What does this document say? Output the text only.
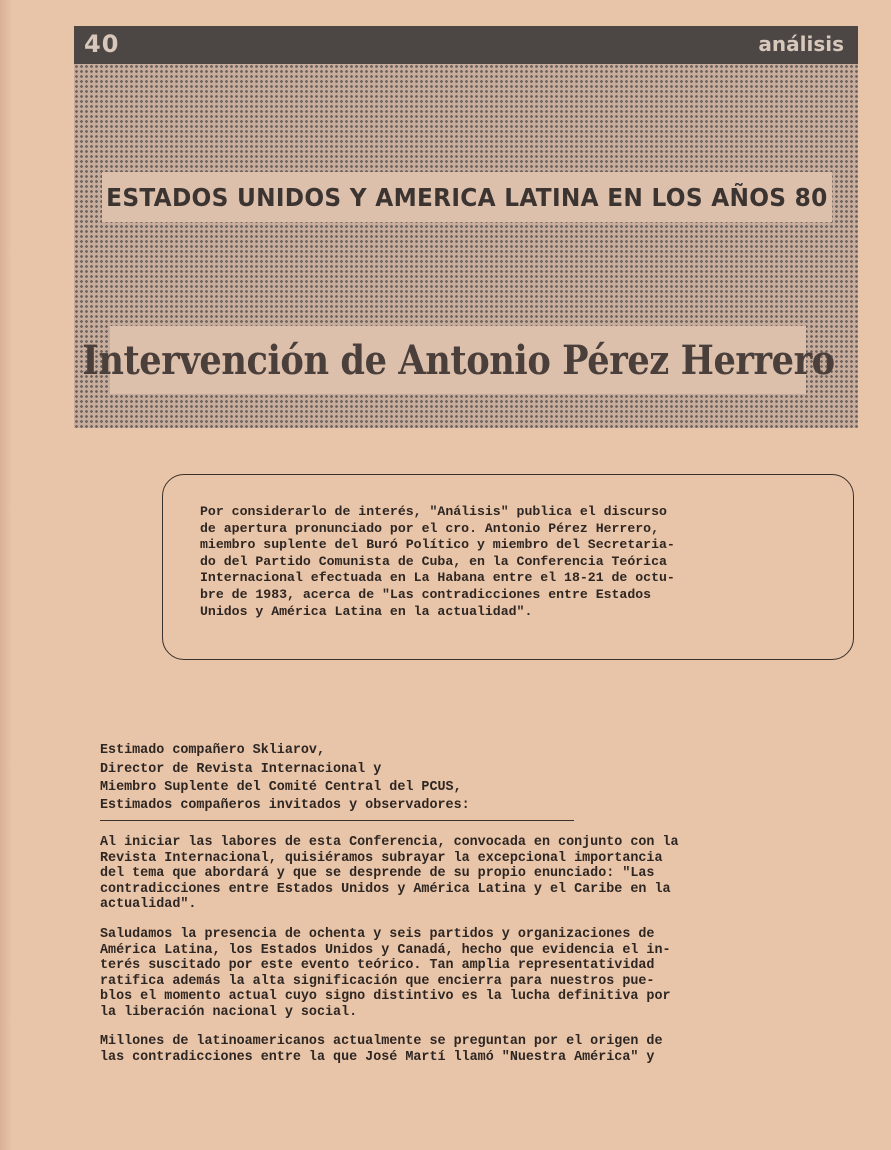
40	análisis
ESTADOS UNIDOS Y AMERICA LATINA EN LOS AÑOS 80
Intervención de Antonio Pérez Herrero

Por considerarlo de interés, "Análisis" publica el discurso
de apertura pronunciado por el cro. Antonio Pérez Herrero,
miembro suplente del Buró Político y miembro del Secretaria-
do del Partido Comunista de Cuba, en la Conferencia Teórica
Internacional efectuada en La Habana entre el 18-21 de octu-
bre de 1983, acerca de "Las contradicciones entre Estados
Unidos y América Latina en la actualidad".

Estimado compañero Skliarov,
Director de Revista Internacional y
Miembro Suplente del Comité Central del PCUS,

Estimados compañeros invitados y observadores:

Al iniciar las labores de esta Conferencia, convocada en conjunto con la
Revista Internacional, quisiéramos subrayar la excepcional importancia
del tema que abordará y que se desprende de su propio enunciado: "Las
contradicciones entre Estados Unidos y América Latina y el Caribe en la
actualidad".

Saludamos la presencia de ochenta y seis partidos y organizaciones de
América Latina, los Estados Unidos y Canadá, hecho que evidencia el in-
terés suscitado por este evento teórico. Tan amplia representatividad
ratifica además la alta significación que encierra para nuestros pue-
blos el momento actual cuyo signo distintivo es la lucha definitiva por
la liberación nacional y social.

Millones de latinoamericanos actualmente se preguntan por el origen de
las contradicciones entre la que José Martí llamó "Nuestra América" y
